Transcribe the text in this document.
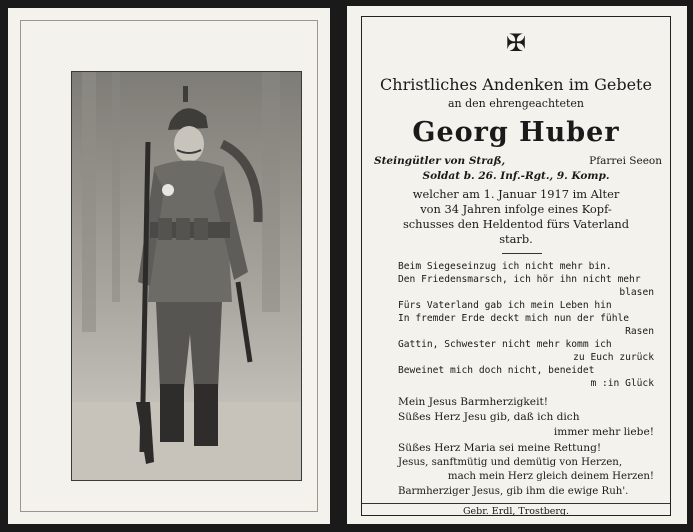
✠
Christliches Andenken im Gebete
an den ehrengeachteten
Georg Huber
Steingütler von Straß,	Pfarrei Seeon
Soldat b. 26. Inf.-Rgt., 9. Komp.
welcher am 1. Januar 1917 im Alter
von 34 Jahren infolge eines Kopf-
schusses den Heldentod fürs Vaterland
starb.
Beim Siegeseinzug ich nicht mehr bin.
Den Friedensmarsch, ich hör ihn nicht mehr
blasen
Fürs Vaterland gab ich mein Leben hin
In fremder Erde deckt mich nun der fühle
Rasen
Gattin, Schwester nicht mehr komm ich
zu Euch zurück
Beweinet mich doch nicht, beneidet
m :in Glück
Mein Jesus Barmherzigkeit!
Süßes Herz Jesu gib, daß ich dich
immer mehr liebe!
Süßes Herz Maria sei meine Rettung!
Jesus, sanftmütig und demütig von Herzen,
mach mein Herz gleich deinem Herzen!
Barmherziger Jesus, gib ihm die ewige Ruh'.
Gebr. Erdl, Trostberg.
